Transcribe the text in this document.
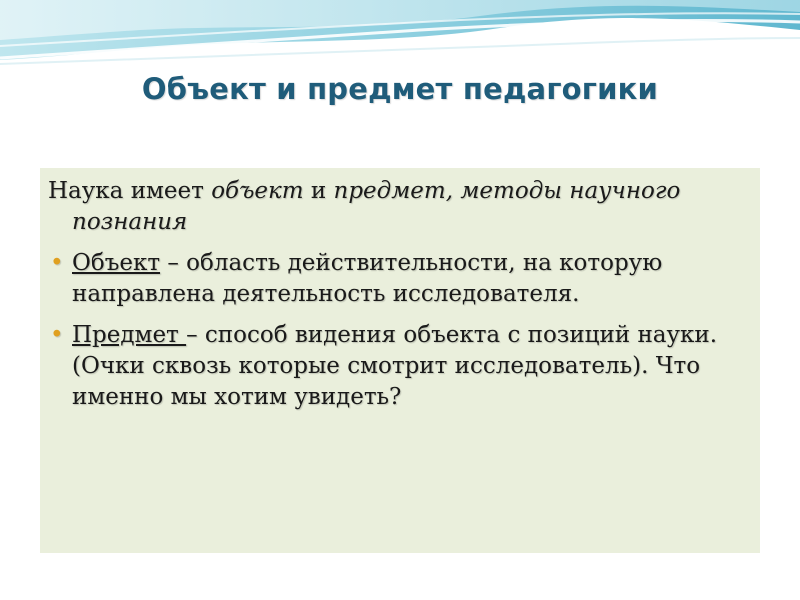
Объект и предмет педагогики

Наука имеет объект и предмет, методы научного познания

• Объект – область действительности, на которую направлена деятельность исследователя.

• Предмет – способ видения объекта с позиций науки.(Очки сквозь которые смотрит исследователь). Что именно мы хотим увидеть?
